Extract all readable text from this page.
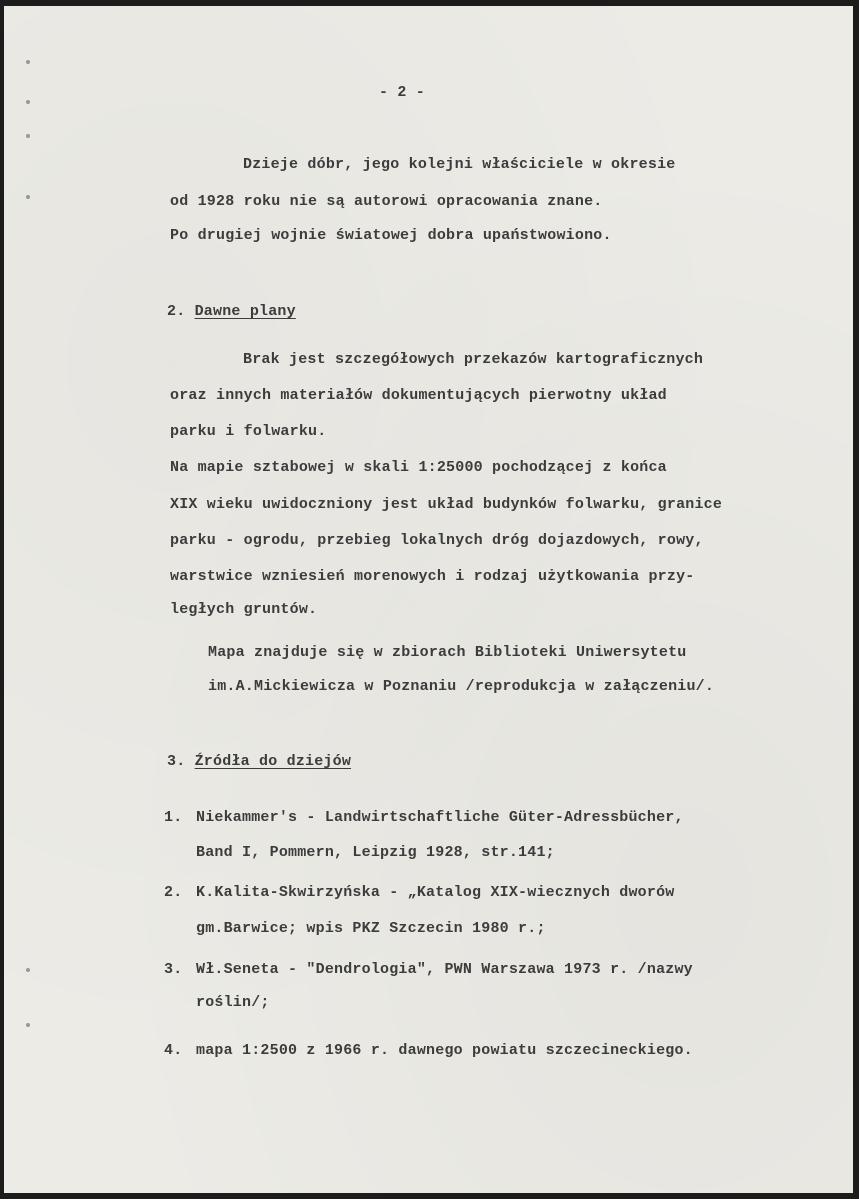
- 2 -
Dzieje dóbr, jego kolejni właściciele w okresie
od 1928 roku nie są autorowi opracowania znane.
Po drugiej wojnie światowej dobra upaństwowiono.
2. Dawne plany
Brak jest szczegółowych przekazów kartograficznych
oraz innych materiałów dokumentujących pierwotny układ
parku i folwarku.
Na mapie sztabowej w skali 1:25000 pochodzącej z końca
XIX wieku uwidoczniony jest układ budynków folwarku, granice
parku - ogrodu, przebieg lokalnych dróg dojazdowych, rowy,
warstwice wzniesień morenowych i rodzaj użytkowania przy-
ległych gruntów.
Mapa znajduje się w zbiorach Biblioteki Uniwersytetu
im.A.Mickiewicza w Poznaniu /reprodukcja w załączeniu/.
3. Źródła do dziejów
1. Niekammer's - Landwirtschaftliche Güter-Adressbücher,
Band I, Pommern, Leipzig 1928, str.141;
2. K.Kalita-Skwirzyńska - „Katalog XIX-wiecznych dworów
gm.Barwice; wpis PKZ Szczecin 1980 r.;
3. Wł.Seneta - "Dendrologia", PWN Warszawa 1973 r. /nazwy
roślin/;
4. mapa 1:2500 z 1966 r. dawnego powiatu szczecineckiego.
